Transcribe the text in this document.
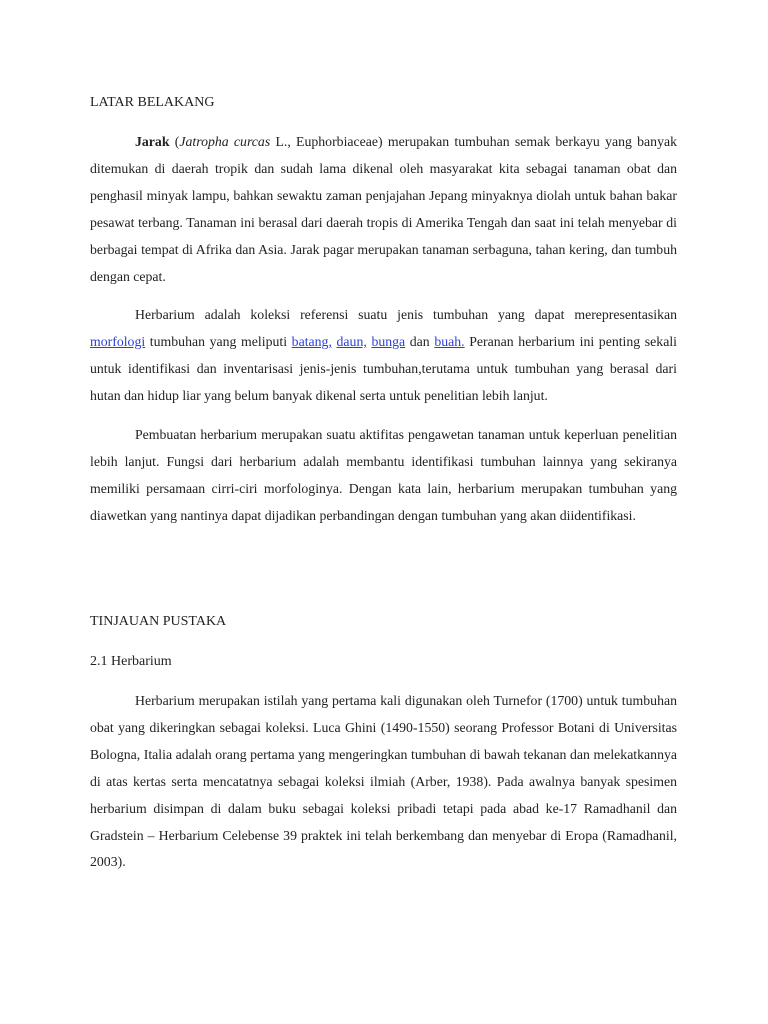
LATAR BELAKANG

Jarak (Jatropha curcas L., Euphorbiaceae) merupakan tumbuhan semak berkayu yang banyak ditemukan di daerah tropik dan sudah lama dikenal oleh masyarakat kita sebagai tanaman obat dan penghasil minyak lampu, bahkan sewaktu zaman penjajahan Jepang minyaknya diolah untuk bahan bakar pesawat terbang. Tanaman ini berasal dari daerah tropis di Amerika Tengah dan saat ini telah menyebar di berbagai tempat di Afrika dan Asia. Jarak pagar merupakan tanaman serbaguna, tahan kering, dan tumbuh dengan cepat.

Herbarium adalah koleksi referensi suatu jenis tumbuhan yang dapat merepresentasikan morfologi tumbuhan yang meliputi batang, daun, bunga dan buah. Peranan herbarium ini penting sekali untuk identifikasi dan inventarisasi jenis-jenis tumbuhan,terutama untuk tumbuhan yang berasal dari hutan dan hidup liar yang belum banyak dikenal serta untuk penelitian lebih lanjut.

Pembuatan herbarium merupakan suatu aktifitas pengawetan tanaman untuk keperluan penelitian lebih lanjut. Fungsi dari herbarium adalah membantu identifikasi tumbuhan lainnya yang sekiranya memiliki persamaan cirri-ciri morfologinya. Dengan kata lain, herbarium merupakan tumbuhan yang diawetkan yang nantinya dapat dijadikan perbandingan dengan tumbuhan yang akan diidentifikasi.

TINJAUAN PUSTAKA
2.1 Herbarium

Herbarium merupakan istilah yang pertama kali digunakan oleh Turnefor (1700) untuk tumbuhan obat yang dikeringkan sebagai koleksi. Luca Ghini (1490-1550) seorang Professor Botani di Universitas Bologna, Italia adalah orang pertama yang mengeringkan tumbuhan di bawah tekanan dan melekatkannya di atas kertas serta mencatatnya sebagai koleksi ilmiah (Arber, 1938). Pada awalnya banyak spesimen herbarium disimpan di dalam buku sebagai koleksi pribadi tetapi pada abad ke-17 Ramadhanil dan Gradstein – Herbarium Celebense 39 praktek ini telah berkembang dan menyebar di Eropa (Ramadhanil, 2003).
